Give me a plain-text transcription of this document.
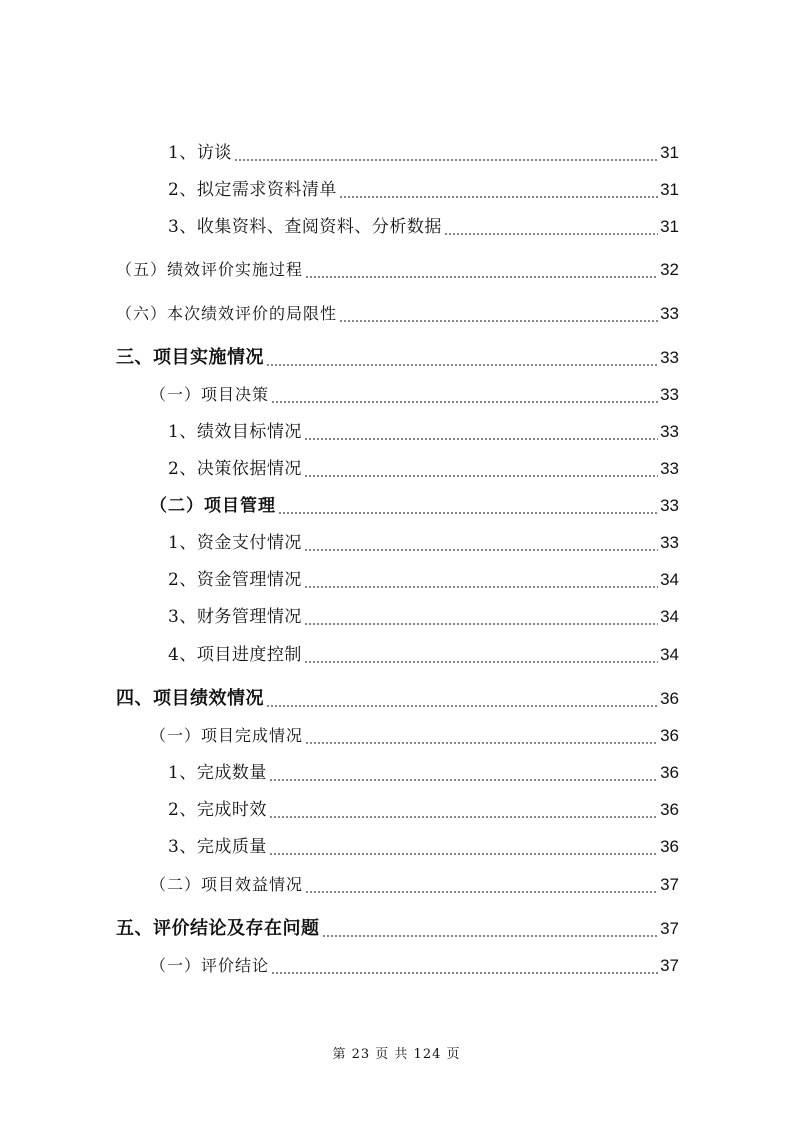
1、访谈	31
2、拟定需求资料清单	31
3、收集资料、查阅资料、分析数据	31
（五）绩效评价实施过程	32
（六）本次绩效评价的局限性	33
三、项目实施情况	33
（一）项目决策	33
1、绩效目标情况	33
2、决策依据情况	33
（二）项目管理	33
1、资金支付情况	33
2、资金管理情况	34
3、财务管理情况	34
4、项目进度控制	34
四、项目绩效情况	36
（一）项目完成情况	36
1、完成数量	36
2、完成时效	36
3、完成质量	36
（二）项目效益情况	37
五、评价结论及存在问题	37
（一）评价结论	37
第 23 页 共 124 页
